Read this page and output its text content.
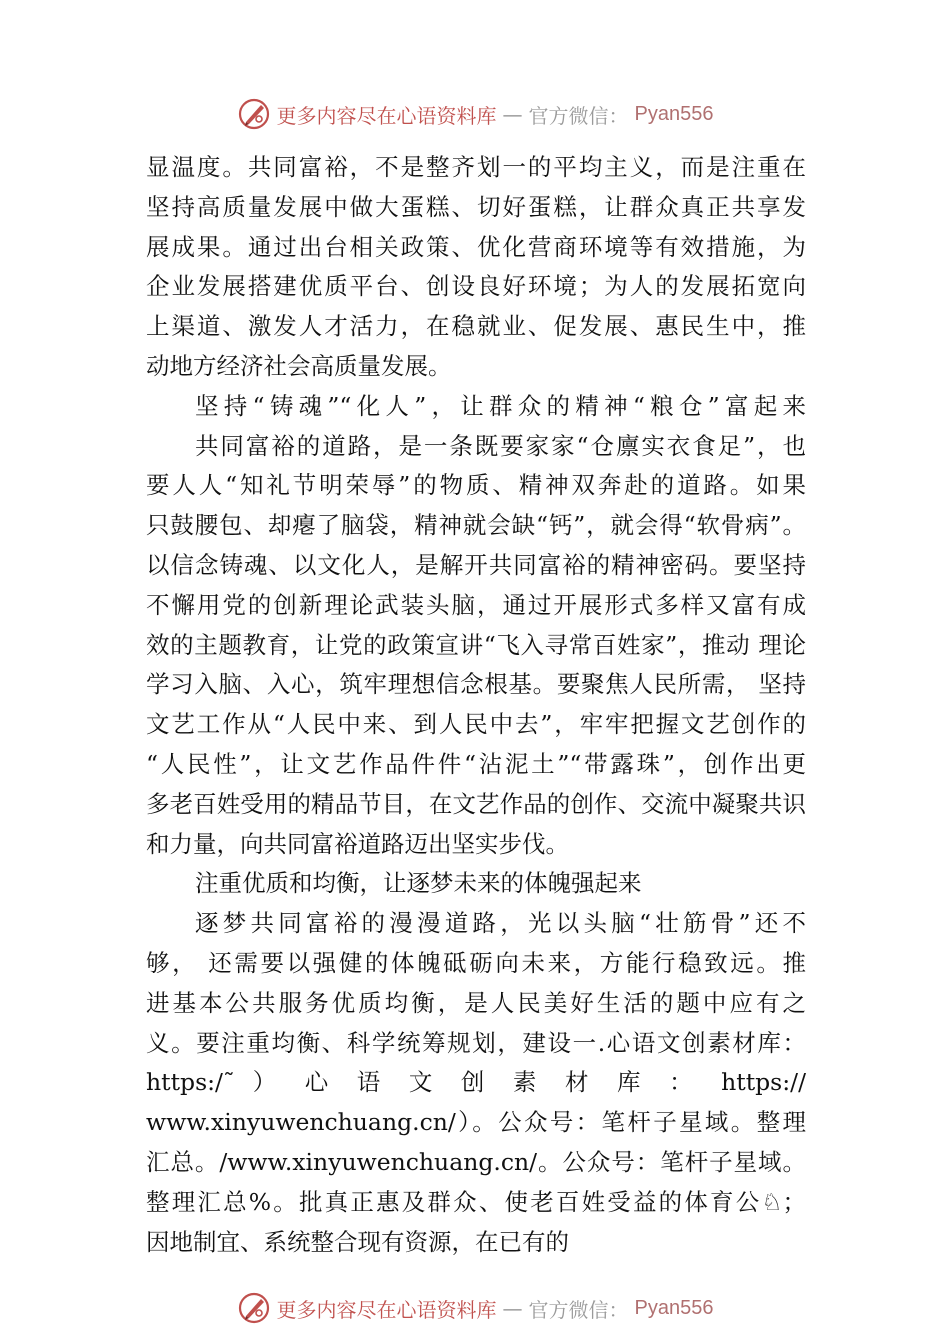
更多内容尽在心语资料库 — 官方微信： Pyan556
显温度。共同富裕，不是整齐划一的平均主义，而是注重在
坚持高质量发展中做大蛋糕、切好蛋糕，让群众真正共享发
展成果。通过出台相关政策、优化营商环境等有效措施，为
企业发展搭建优质平台、创设良好环境；为人的发展拓宽向
上渠道、激发人才活力，在稳就业、促发展、惠民生中，推
动地方经济社会高质量发展。
坚持“铸魂”“化人”，让群众的精神“粮仓”富起来
共同富裕的道路，是一条既要家家“仓廪实衣食足”，也
要人人“知礼节明荣辱”的物质、精神双奔赴的道路。如果
只鼓腰包、却瘪了脑袋，精神就会缺“钙”，就会得“软骨病”。
以信念铸魂、以文化人，是解开共同富裕的精神密码。要坚持
不懈用党的创新理论武装头脑，通过开展形式多样又富有成
效的主题教育，让党的政策宣讲“飞入寻常百姓家”，推动 理论
学习入脑、入心，筑牢理想信念根基。要聚焦人民所需， 坚持
文艺工作从“人民中来、到人民中去”，牢牢把握文艺创作的
“人民性”，让文艺作品件件“沾泥土”“带露珠”，创作出更
多老百姓受用的精品节目，在文艺作品的创作、交流中凝聚共识
和力量，向共同富裕道路迈出坚实步伐。
注重优质和均衡，让逐梦未来的体魄强起来
逐梦共同富裕的漫漫道路，光以头脑“壮筋骨”还不
够， 还需要以强健的体魄砥砺向未来，方能行稳致远。推
进基本公共服务优质均衡，是人民美好生活的题中应有之
义。要注重均衡、科学统筹规划，建设一.心语文创素材库：
https:/˜ ） 心 语 文 创 素 材 库 ： https://
www.xinyuwenchuang.cn/）。公众号：笔杆子星域。整理
汇总。/www.xinyuwenchuang.cn/。公众号：笔杆子星域。
整理汇总%。批真正惠及群众、使老百姓受益的体育公♘；
因地制宜、系统整合现有资源，在已有的
更多内容尽在心语资料库 — 官方微信： Pyan556
